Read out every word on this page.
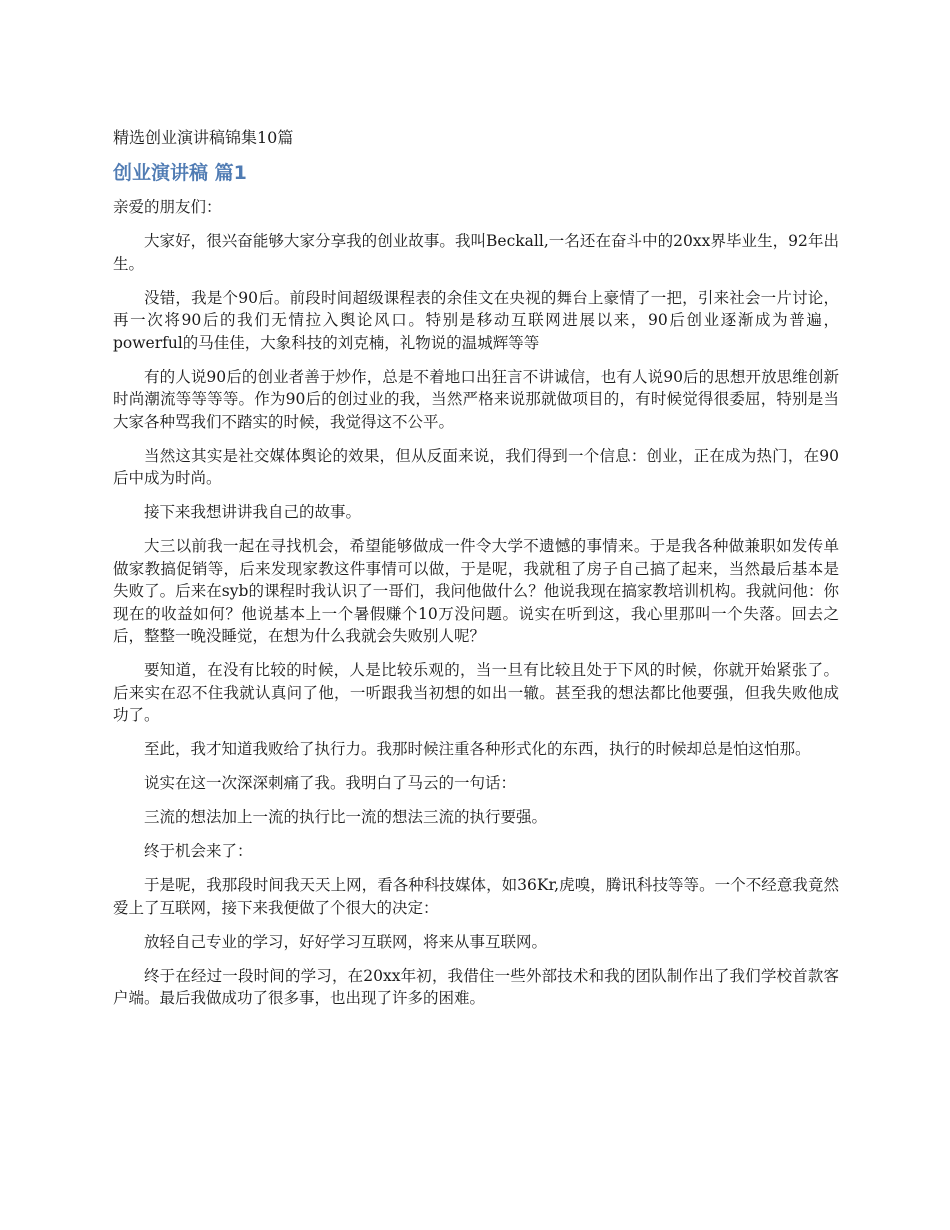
精选创业演讲稿锦集10篇
创业演讲稿 篇1

亲爱的朋友们：

大家好，很兴奋能够大家分享我的创业故事。我叫Beckall,一名还在奋斗中的20xx界毕业生，92年出生。

没错，我是个90后。前段时间超级课程表的余佳文在央视的舞台上豪情了一把，引来社会一片讨论，再一次将90后的我们无情拉入舆论风口。特别是移动互联网进展以来，90后创业逐渐成为普遍，powerful的马佳佳，大象科技的刘克楠，礼物说的温城辉等等

有的人说90后的创业者善于炒作，总是不着地口出狂言不讲诚信，也有人说90后的思想开放思维创新时尚潮流等等等等。作为90后的创过业的我，当然严格来说那就做项目的，有时候觉得很委屈，特别是当大家各种骂我们不踏实的时候，我觉得这不公平。

当然这其实是社交媒体舆论的效果，但从反面来说，我们得到一个信息：创业，正在成为热门，在90后中成为时尚。

接下来我想讲讲我自己的故事。

大三以前我一起在寻找机会，希望能够做成一件令大学不遗憾的事情来。于是我各种做兼职如发传单做家教搞促销等，后来发现家教这件事情可以做，于是呢，我就租了房子自己搞了起来，当然最后基本是失败了。后来在syb的课程时我认识了一哥们，我问他做什么？他说我现在搞家教培训机构。我就问他：你现在的收益如何？他说基本上一个暑假赚个10万没问题。说实在听到这，我心里那叫一个失落。回去之后，整整一晚没睡觉，在想为什么我就会失败别人呢？

要知道，在没有比较的时候，人是比较乐观的，当一旦有比较且处于下风的时候，你就开始紧张了。后来实在忍不住我就认真问了他，一听跟我当初想的如出一辙。甚至我的想法都比他要强，但我失败他成功了。

至此，我才知道我败给了执行力。我那时候注重各种形式化的东西，执行的时候却总是怕这怕那。

说实在这一次深深刺痛了我。我明白了马云的一句话：

三流的想法加上一流的执行比一流的想法三流的执行要强。

终于机会来了：

于是呢，我那段时间我天天上网，看各种科技媒体，如36Kr,虎嗅，腾讯科技等等。一个不经意我竟然爱上了互联网，接下来我便做了个很大的决定：

放轻自己专业的学习，好好学习互联网，将来从事互联网。

终于在经过一段时间的学习，在20xx年初，我借住一些外部技术和我的团队制作出了我们学校首款客户端。最后我做成功了很多事，也出现了许多的困难。
